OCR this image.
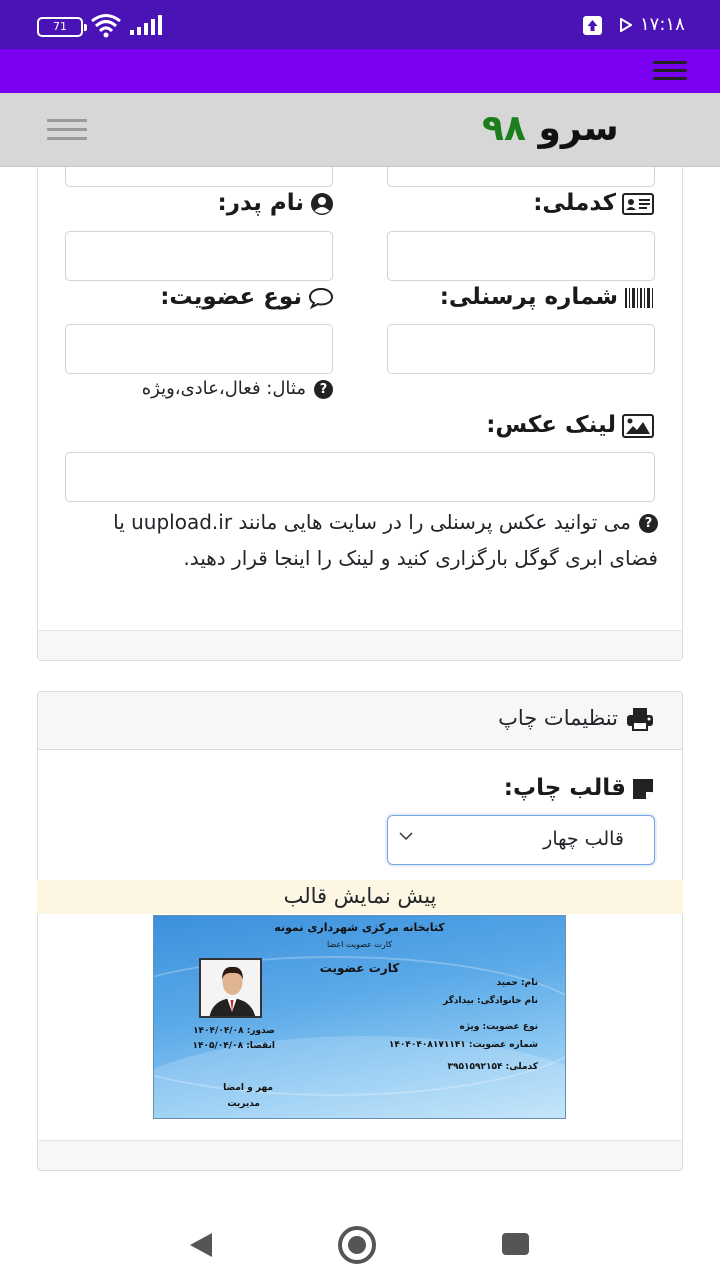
71	۱۷:۱۸
سرو ۹۸
کدملی:
نام پدر:
شماره پرسنلی:
نوع عضویت:
?مثال: فعال،عادی،ویژه
لینک عکس:
?می توانید عکس پرسنلی را در سایت هایی مانند uupload.ir یا فضای ابری گوگل بارگزاری کنید و لینک را اینجا قرار دهید.
تنظیمات چاپ
قالب چاپ:
قالب چهار
پیش نمایش قالب
کتابخانه مرکزی شهرداری نمونه
کارت عضویت اعضا
کارت عضویت
نام: حمید
نام خانوادگی: بیدادگر
نوع عضویت: ویژه
شماره عضویت: ۱۴۰۴۰۴۰۸۱۷۱۱۴۱
کدملی: ۳۹۵۱۵۹۲۱۵۴
صدور: ۱۴۰۴/۰۴/۰۸
انقضا: ۱۴۰۵/۰۴/۰۸
مهر و امضا
مدیریت
